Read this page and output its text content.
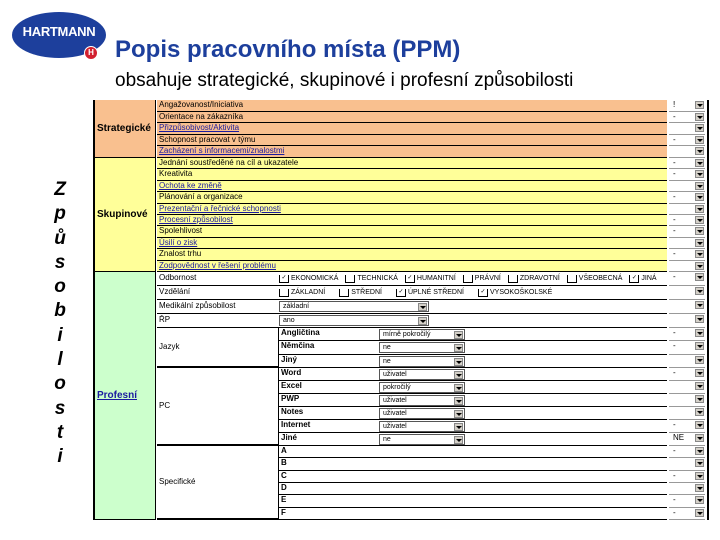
HARTMANN
H Popis pracovního místa (PPM)
obsahuje strategické, skupinové i profesní způsobilosti
Z
p
ů
s
o
b
i
l
o
s
t
i
Strategické
Angažovanost/Iniciativa	!
Orientace na zákazníka	-
Přizpůsobivost/Aktivita
Schopnost pracovat v týmu	-
Zacházení s informacemi/znalostmi
Skupinové
Jednání soustředěné na cíl a ukazatele	-
Kreativita	-
Ochota ke změně
Plánování a organizace	-
Prezentační a řečnické schopnosti
Procesní způsobilost	-
Spolehlivost	-
Úsilí o zisk
Znalost trhu	-
Zodpovědnost v řešení problému
Profesní
Odbornost	✓ EKONOMICKÁ	TECHNICKÁ	✓ HUMANITNÍ	PRÁVNÍ	ZDRAVOTNÍ	VŠEOBECNÁ	✓ JINÁ -
Vzdělání	ZÁKLADNÍ	STŘEDNÍ	✓ ÚPLNÉ STŘEDNÍ	✓ VYSOKOŠKOLSKÉ
Medikální způsobilost	základní
ŘP	ano
Jazyk
Angličtina	mírně pokročilý	-
Němčina	ne	-
Jiný	ne
PC
Word	uživatel	-
Excel	pokročilý
PWP	uživatel
Notes	uživatel
Internet	uživatel	-
Jiné	ne	NE
Specifické
A	-
B
C	-
D
E	-
F	-
